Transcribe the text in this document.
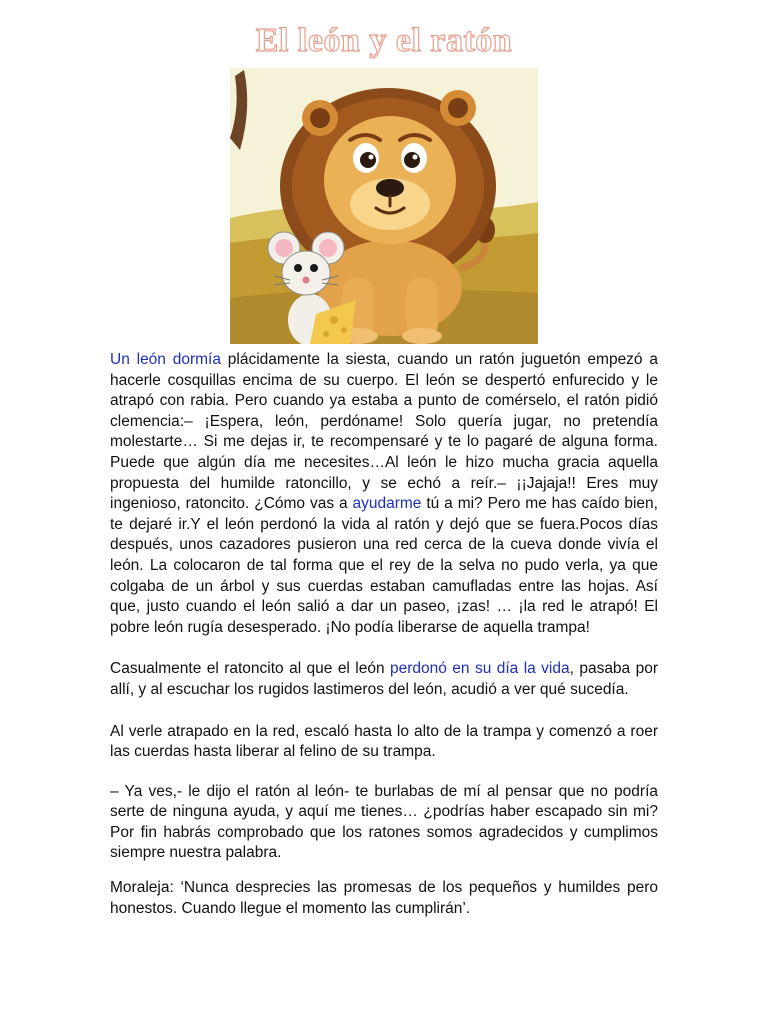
El león y el ratón

Un león dormía plácidamente la siesta, cuando un ratón juguetón empezó a hacerle cosquillas encima de su cuerpo. El león se despertó enfurecido y le atrapó con rabia. Pero cuando ya estaba a punto de comérselo, el ratón pidió clemencia:– ¡Espera, león, perdóname! Solo quería jugar, no pretendía molestarte… Si me dejas ir, te recompensaré y te lo pagaré de alguna forma. Puede que algún día me necesites…Al león le hizo mucha gracia aquella propuesta del humilde ratoncillo, y se echó a reír.– ¡¡Jajaja!! Eres muy ingenioso, ratoncito. ¿Cómo vas a ayudarme tú a mi? Pero me has caído bien, te dejaré ir.Y el león perdonó la vida al ratón y dejó que se fuera.Pocos días después, unos cazadores pusieron una red cerca de la cueva donde vivía el león. La colocaron de tal forma que el rey de la selva no pudo verla, ya que colgaba de un árbol y sus cuerdas estaban camufladas entre las hojas. Así que, justo cuando el león salió a dar un paseo, ¡zas! … ¡la red le atrapó! El pobre león rugía desesperado. ¡No podía liberarse de aquella trampa!

Casualmente el ratoncito al que el león perdonó en su día la vida, pasaba por allí, y al escuchar los rugidos lastimeros del león, acudió a ver qué sucedía.

Al verle atrapado en la red, escaló hasta lo alto de la trampa y comenzó a roer las cuerdas hasta liberar al felino de su trampa.

– Ya ves,- le dijo el ratón al león- te burlabas de mí al pensar que no podría serte de ninguna ayuda, y aquí me tienes… ¿podrías haber escapado sin mi? Por fin habrás comprobado que los ratones somos agradecidos y cumplimos siempre nuestra palabra.

Moraleja: ‘Nunca desprecies las promesas de los pequeños y humildes pero honestos. Cuando llegue el momento las cumplirán’.
